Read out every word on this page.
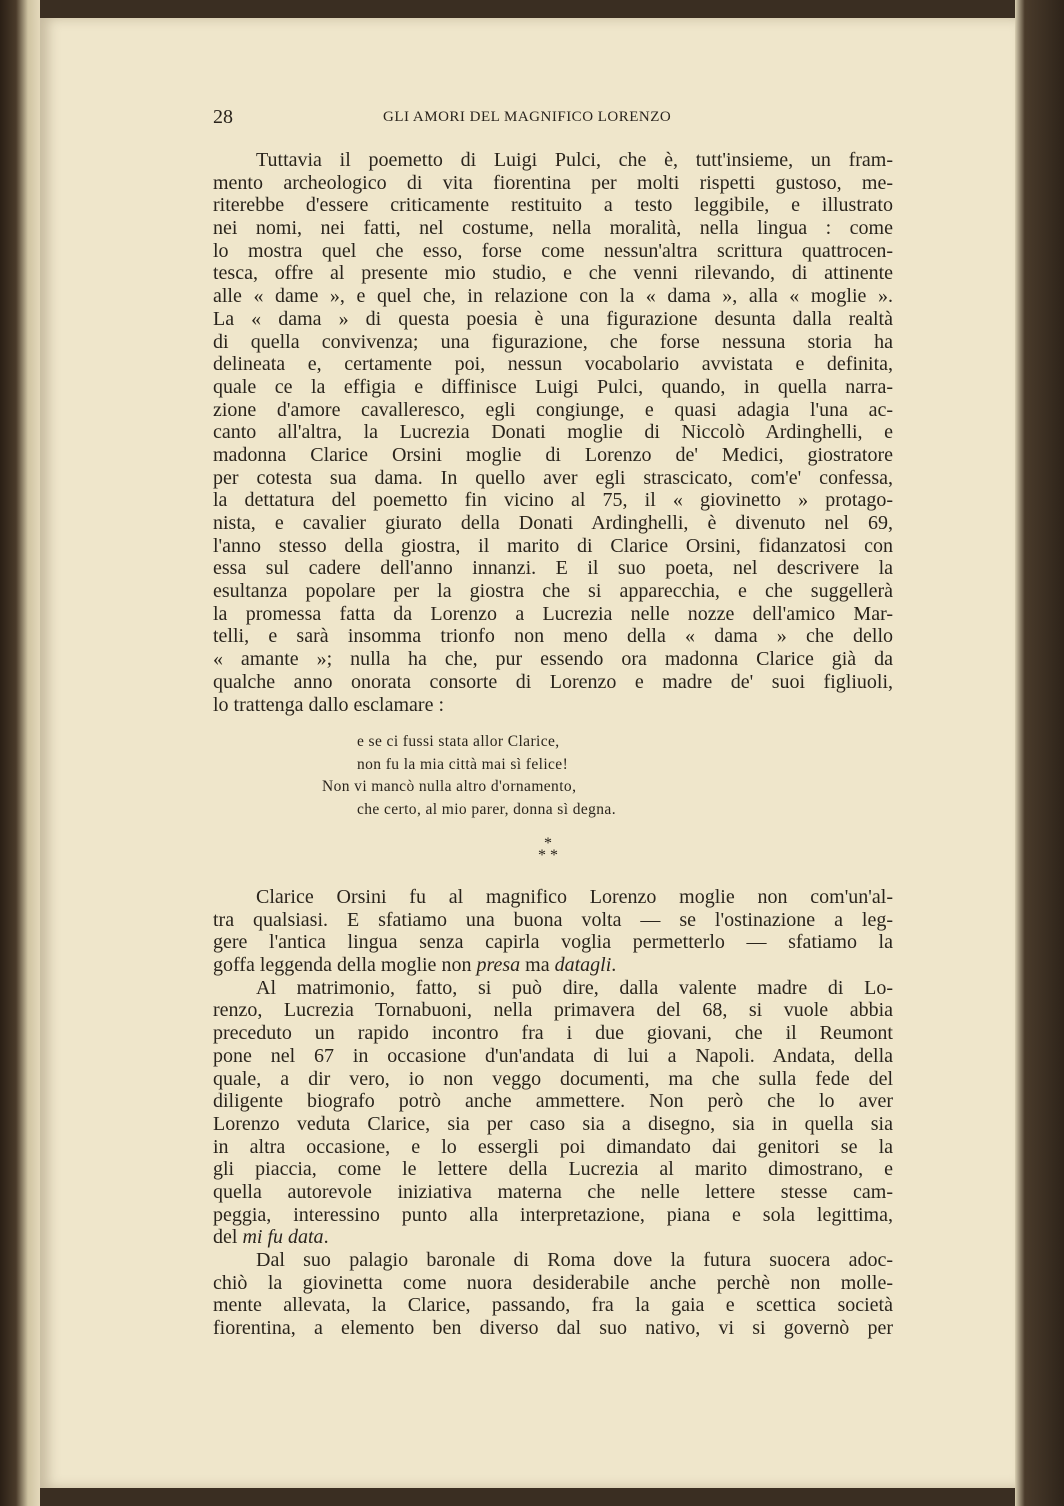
28	GLI AMORI DEL MAGNIFICO LORENZO
Tuttavia il poemetto di Luigi Pulci, che è, tutt'insieme, un fram-
mento archeologico di vita fiorentina per molti rispetti gustoso, me-
riterebbe d'essere criticamente restituito a testo leggibile, e illustrato
nei nomi, nei fatti, nel costume, nella moralità, nella lingua : come
lo mostra quel che esso, forse come nessun'altra scrittura quattrocen-
tesca, offre al presente mio studio, e che venni rilevando, di attinente
alle « dame », e quel che, in relazione con la « dama », alla « moglie ».
La « dama » di questa poesia è una figurazione desunta dalla realtà
di quella convivenza; una figurazione, che forse nessuna storia ha
delineata e, certamente poi, nessun vocabolario avvistata e definita,
quale ce la effigia e diffinisce Luigi Pulci, quando, in quella narra-
zione d'amore cavalleresco, egli congiunge, e quasi adagia l'una ac-
canto all'altra, la Lucrezia Donati moglie di Niccolò Ardinghelli, e
madonna Clarice Orsini moglie di Lorenzo de' Medici, giostratore
per cotesta sua dama. In quello aver egli strascicato, com'e' confessa,
la dettatura del poemetto fin vicino al 75, il « giovinetto » protago-
nista, e cavalier giurato della Donati Ardinghelli, è divenuto nel 69,
l'anno stesso della giostra, il marito di Clarice Orsini, fidanzatosi con
essa sul cadere dell'anno innanzi. E il suo poeta, nel descrivere la
esultanza popolare per la giostra che si apparecchia, e che suggellerà
la promessa fatta da Lorenzo a Lucrezia nelle nozze dell'amico Mar-
telli, e sarà insomma trionfo non meno della « dama » che dello
« amante »; nulla ha che, pur essendo ora madonna Clarice già da
qualche anno onorata consorte di Lorenzo e madre de' suoi figliuoli,
lo trattenga dallo esclamare :
e se ci fussi stata allor Clarice,
non fu la mia città mai sì felice!
Non vi mancò nulla altro d'ornamento,
che certo, al mio parer, donna sì degna.
*
* *
Clarice Orsini fu al magnifico Lorenzo moglie non com'un'al-
tra qualsiasi. E sfatiamo una buona volta — se l'ostinazione a leg-
gere l'antica lingua senza capirla voglia permetterlo — sfatiamo la
goffa leggenda della moglie non presa ma datagli.
Al matrimonio, fatto, si può dire, dalla valente madre di Lo-
renzo, Lucrezia Tornabuoni, nella primavera del 68, si vuole abbia
preceduto un rapido incontro fra i due giovani, che il Reumont
pone nel 67 in occasione d'un'andata di lui a Napoli. Andata, della
quale, a dir vero, io non veggo documenti, ma che sulla fede del
diligente biografo potrò anche ammettere. Non però che lo aver
Lorenzo veduta Clarice, sia per caso sia a disegno, sia in quella sia
in altra occasione, e lo essergli poi dimandato dai genitori se la
gli piaccia, come le lettere della Lucrezia al marito dimostrano, e
quella autorevole iniziativa materna che nelle lettere stesse cam-
peggia, interessino punto alla interpretazione, piana e sola legittima,
del mi fu data.
Dal suo palagio baronale di Roma dove la futura suocera adoc-
chiò la giovinetta come nuora desiderabile anche perchè non molle-
mente allevata, la Clarice, passando, fra la gaia e scettica società
fiorentina, a elemento ben diverso dal suo nativo, vi si governò per
